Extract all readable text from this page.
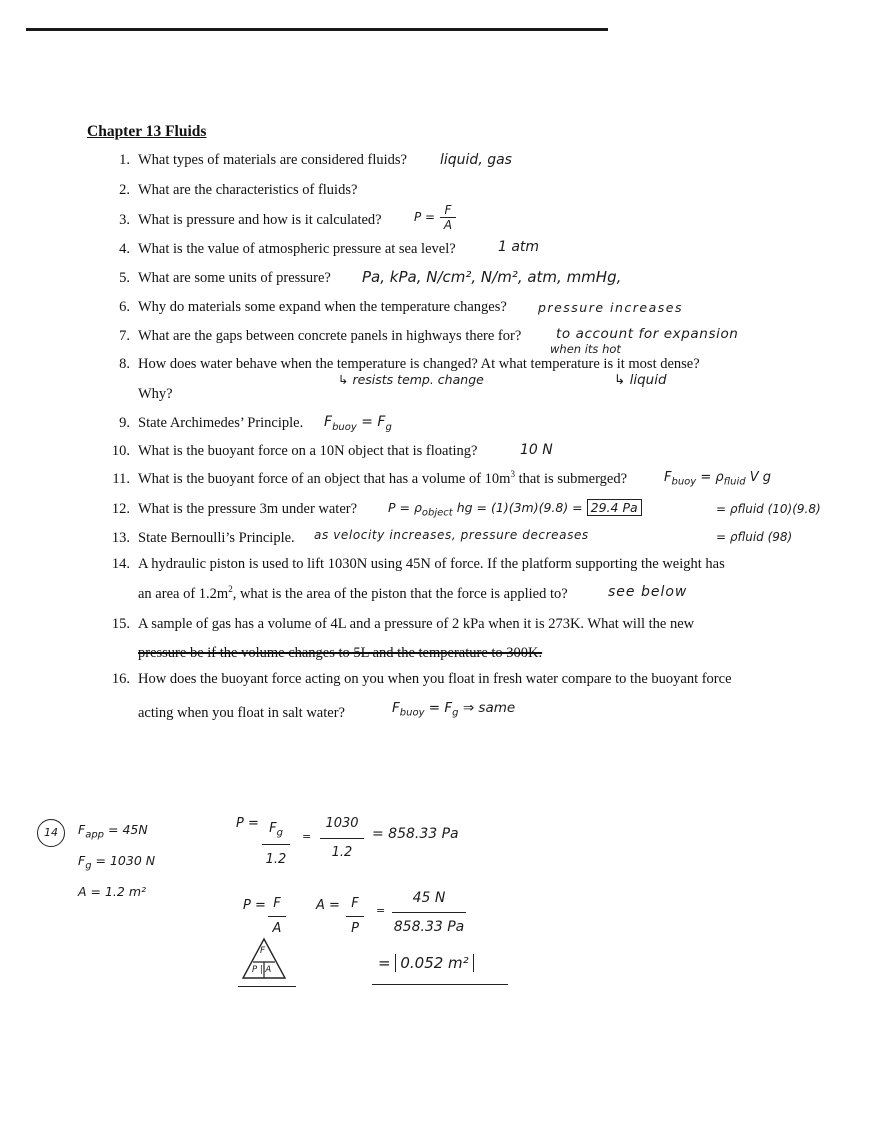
Chapter 13 Fluids
1. What types of materials are considered fluids?
2. What are the characteristics of fluids?
3. What is pressure and how is it calculated?
4. What is the value of atmospheric pressure at sea level?
5. What are some units of pressure?
6. Why do materials some expand when the temperature changes?
7. What are the gaps between concrete panels in highways there for?
8. How does water behave when the temperature is changed? At what temperature is it most dense?
Why?
9. State Archimedes’ Principle.
10. What is the buoyant force on a 10N object that is floating?
11. What is the buoyant force of an object that has a volume of $10m^3$ that is submerged?
12. What is the pressure 3m under water?
13. State Bernoulli’s Principle.
14. A hydraulic piston is used to lift 1030N using 45N of force. If the platform supporting the weight has
an area of $1.2m^2$, what is the area of the piston that the force is applied to?
15. A sample of gas has a volume of 4L and a pressure of 2 kPa when it is 273K. What will the new
pressure be if the volume changes to 5L and the temperature to 300K.
16. How does the buoyant force acting on you when you float in fresh water compare to the buoyant force
acting when you float in salt water?
liquid, gas
$P = \frac{F}{A}$
1 atm
Pa, kPa, N/cm², N/m², atm, mmHg,
pressure increases
to account for expansion
when its hot
↳ resists temp. change	↳ liquid
$F_{buoy} = F_g$
10 N
$F_{buoy} = \rho_{fluid}$ V g
$P = \rho_{object}$ hg = (1)(3m)(9.8) = 29.4 Pa	= ρfluid (10)(9.8)
= ρfluid (98)
as velocity increases, pressure decreases
see below
$F_{buoy} = F_g$ ⇒ same
14	$F_{app} = 45N$
$F_g = 1030$ N
A = 1.2 m²
$P = \frac{F_g}{1.2} = \frac{1030}{1.2} = 858.33$ Pa
$P = \frac{F}{A}$ $A = \frac{F}{P} = \frac{45 N}{858.33 Pa}$
= 0.052 m²
F
P | A
